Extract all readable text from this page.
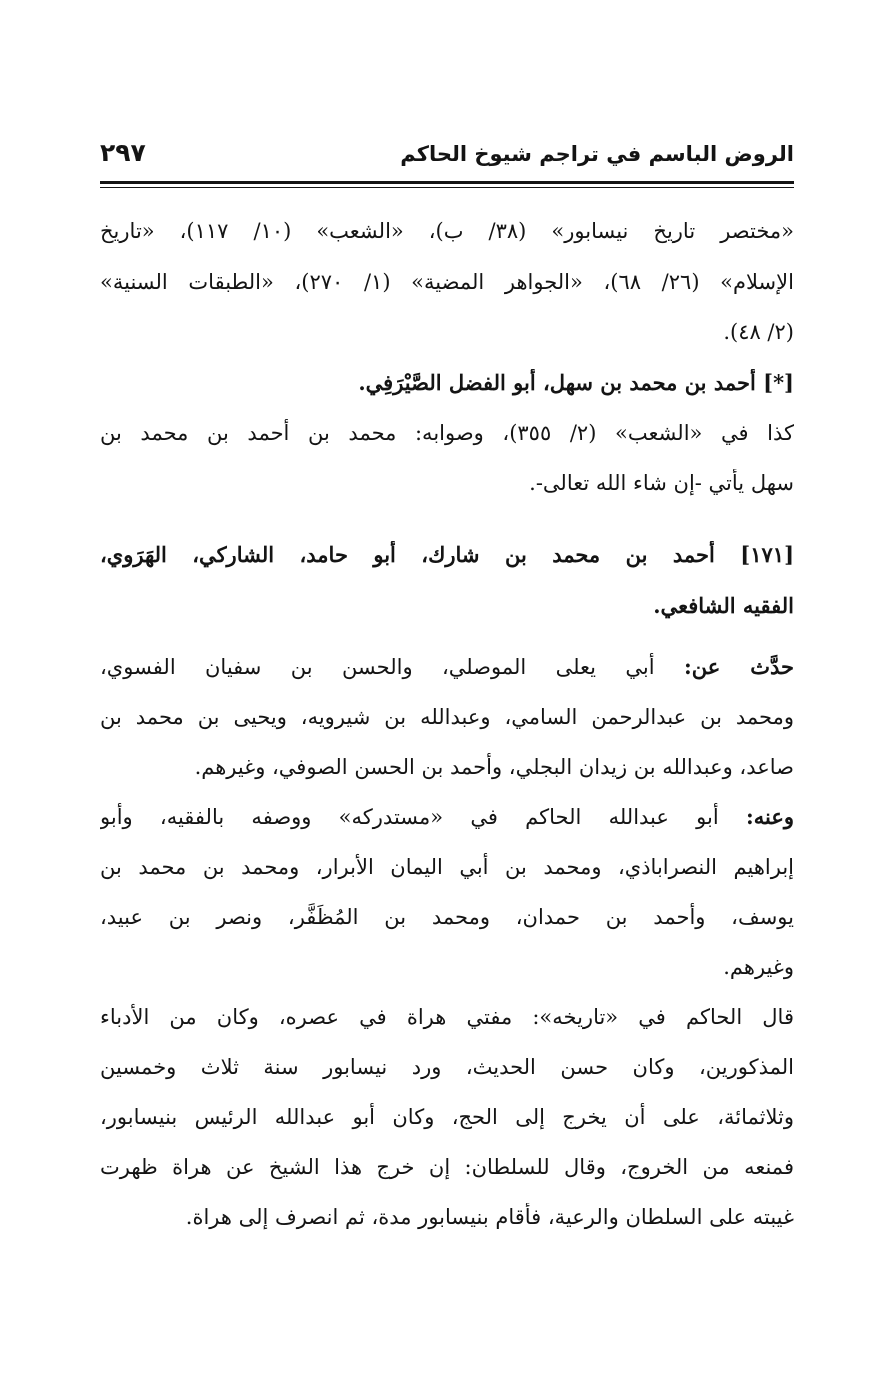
الروض الباسم في تراجم شيوخ الحاكم
٢٩٧
«مختصر تاريخ نيسابور» (٣٨/ ب)، «الشعب» (١٠/ ١١٧)، «تاريخ
الإسلام» (٢٦/ ٦٨)، «الجواهر المضية» (١/ ٢٧٠)، «الطبقات السنية»
(٢/ ٤٨).
[*] أحمد بن محمد بن سهل، أبو الفضل الصَّيْرَفِي.
كذا في «الشعب» (٢/ ٣٥٥)، وصوابه: محمد بن أحمد بن محمد بن
سهل يأتي -إن شاء الله تعالى-.
[١٧١] أحمد بن محمد بن شارك، أبو حامد، الشاركي، الهَرَوي،
الفقيه الشافعي.
حدَّث عن: أبي يعلى الموصلي، والحسن بن سفيان الفسوي،
ومحمد بن عبدالرحمن السامي، وعبدالله بن شيرويه، ويحيى بن محمد بن
صاعد، وعبدالله بن زيدان البجلي، وأحمد بن الحسن الصوفي، وغيرهم.
وعنه: أبو عبدالله الحاكم في «مستدركه» ووصفه بالفقيه، وأبو
إبراهيم النصراباذي، ومحمد بن أبي اليمان الأبرار، ومحمد بن محمد بن
يوسف، وأحمد بن حمدان، ومحمد بن المُظَفَّر، ونصر بن عبيد،
وغيرهم.
قال الحاكم في «تاريخه»: مفتي هراة في عصره، وكان من الأدباء
المذكورين، وكان حسن الحديث، ورد نيسابور سنة ثلاث وخمسين
وثلاثمائة، على أن يخرج إلى الحج، وكان أبو عبدالله الرئيس بنيسابور،
فمنعه من الخروج، وقال للسلطان: إن خرج هذا الشيخ عن هراة ظهرت
غيبته على السلطان والرعية، فأقام بنيسابور مدة، ثم انصرف إلى هراة.
